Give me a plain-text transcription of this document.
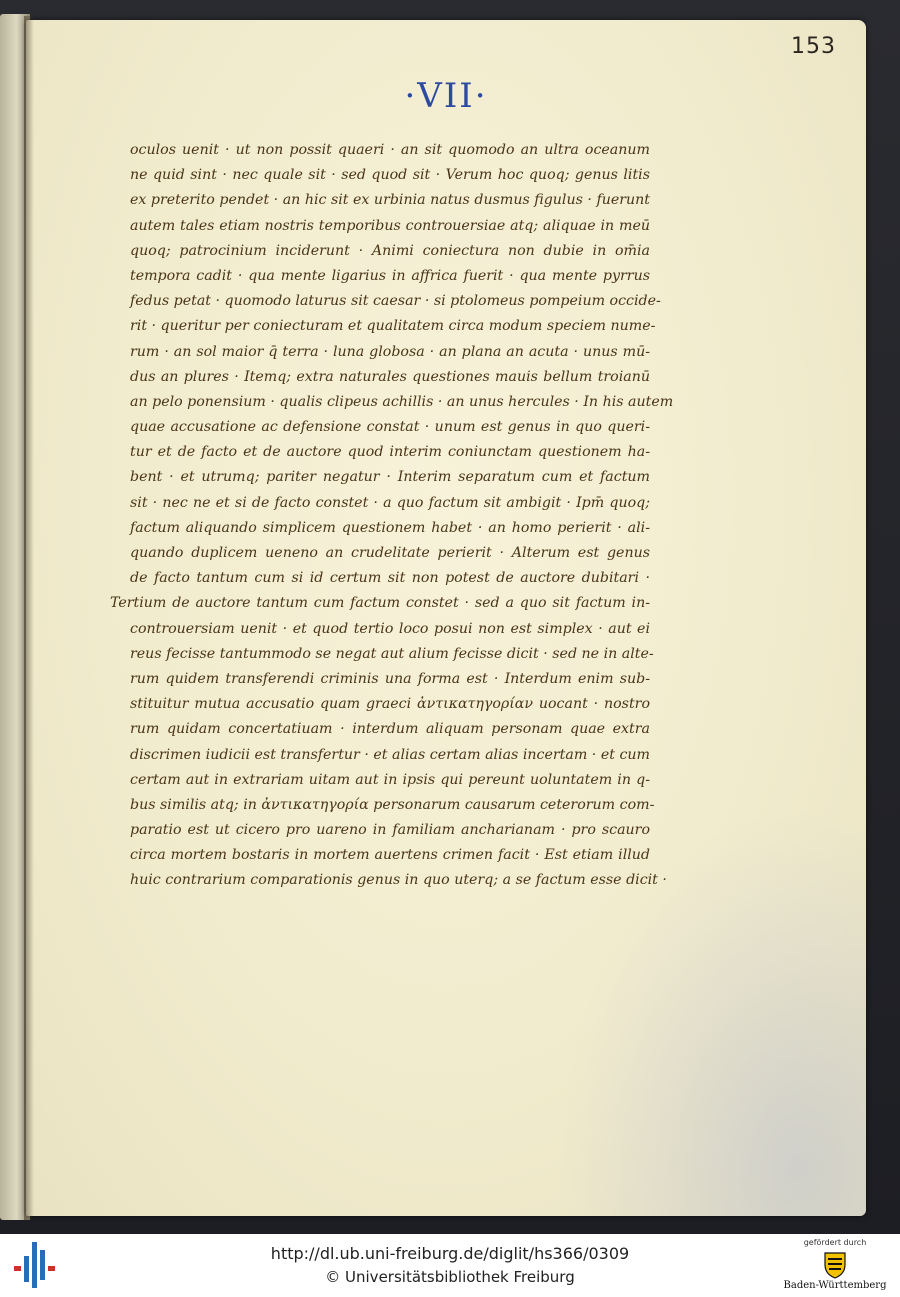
153
·VII·
oculos uenit · ut non possit quaeri · an sit quomodo an ultra oceanum
ne quid sint · nec quale sit · sed quod sit · Verum hoc quoq; genus litis
ex preterito pendet · an hic sit ex urbinia natus dusmus figulus · fuerunt
autem tales etiam nostris temporibus controuersiae atq; aliquae in meū
quoq; patrocinium inciderunt · Animi coniectura non dubie in om̄ia
tempora cadit · qua mente ligarius in affrica fuerit · qua mente pyrrus
fedus petat · quomodo laturus sit caesar · si ptolomeus pompeium occide-
rit · queritur per coniecturam et qualitatem circa modum speciem nume-
rum · an sol maior q̄ terra · luna globosa · an plana an acuta · unus mū-
dus an plures · Itemq; extra naturales questiones mauis bellum troianū
an pelo ponensium · qualis clipeus achillis · an unus hercules · In his autem
quae accusatione ac defensione constat · unum est genus in quo queri-
tur et de facto et de auctore quod interim coniunctam questionem ha-
bent · et utrumq; pariter negatur · Interim separatum cum et factum
sit · nec ne et si de facto constet · a quo factum sit ambigit · Ipm̄ quoq;
factum aliquando simplicem questionem habet · an homo perierit · ali-
quando duplicem ueneno an crudelitate perierit · Alterum est genus
de facto tantum cum si id certum sit non potest de auctore dubitari ·
Tertium de auctore tantum cum factum constet · sed a quo sit factum in-
controuersiam uenit · et quod tertio loco posui non est simplex · aut ei
reus fecisse tantummodo se negat aut alium fecisse dicit · sed ne in alte-
rum quidem transferendi criminis una forma est · Interdum enim sub-
stituitur mutua accusatio quam graeci ἀντικατηγορίαν uocant · nostro
rum quidam concertatiuam · interdum aliquam personam quae extra
discrimen iudicii est transfertur · et alias certam alias incertam · et cum
certam aut in extrariam uitam aut in ipsis qui pereunt uoluntatem in q-
bus similis atq; in ἀντικατηγορία personarum causarum ceterorum com-
paratio est ut cicero pro uareno in familiam ancharianam · pro scauro
circa mortem bostaris in mortem auertens crimen facit · Est etiam illud
huic contrarium comparationis genus in quo uterq; a se factum esse dicit ·
http://dl.ub.uni-freiburg.de/diglit/hs366/0309
© Universitätsbibliothek Freiburg
gefördert durch
Baden-Württemberg
